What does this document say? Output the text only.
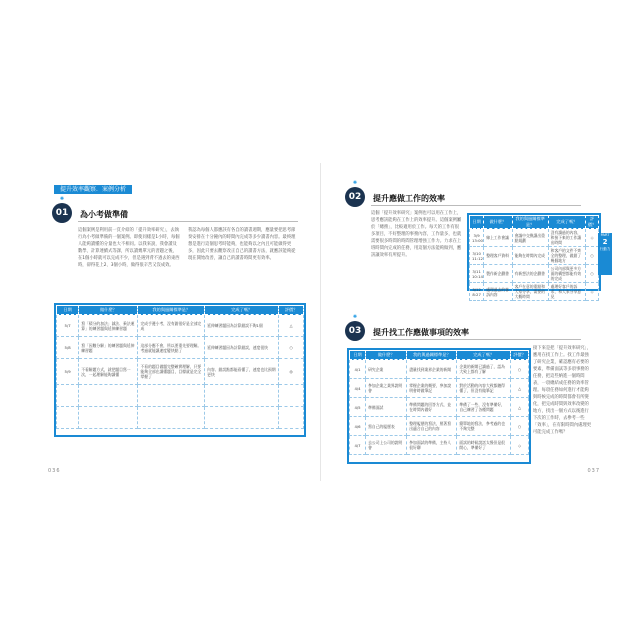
提升效率觀察．案例分析
✺
01	為小考做準備
這個案例是利用前一頁介紹的「提升效率研究」，去執行為小考做準備的一個案例。即使同樣是1小時，每個人能夠讀懂的分量也大不相同。以我來說，我會讀及數學、計算連續式等課，所以讀幾單元的習題之後，在1個小時就可以完成不少，但是遇到背不過去的東西時，卻得花上2、3個小時，做得很辛苦又沒成效。
我認為每個人都應該有各自的讀書週期，應量要把思考節奏安排在十分鐘內的時間內完成等多少讀書內容。最終理想是進行這個思考時能夠，也能夠以之內且可能做得更多，因此只要去觀察改正自己的讀書方法，就應該能夠從現在開始改善，讓自己的讀書時間更有效率。
日期	做什麼？	我的與過關標準是？	完成了嗎？	評價？
5/7	寫「積分的加法」減法、乘法運算」的練習題與延伸練習題	完成手邊小考，沒有錯很好是全部完成	延伸練習題因為計算錯誤不夠1個	△
5/8	寫「因數分解」的練習題與延伸練習題	這部分應不會，所以要重先要理解。考過就能讓速度變快點了	延伸練習題因為計算錯誤，速度很快	○
5/9	不看解題方式，就把題目寫一次，一起理解能夠讀懂	不看的題目做題完整確實理解，只要能夠全部在讀懂題目，目標就是完全掌握了	內容、錯誤點都能看懂了，速度也比預期更快	◎

036
✺
02	提升應做工作的效率
這個「提升效率研究」案例也可以用在工作上，思考應該能夠在工作上的效率提升。這個案例屬於「總務」，比較適用於工作。每天的工作有很多項目，不好整理的事務內容，工作量多，也就需要很多時間的時間管理增強工作力。力求在上班時間內完成的任務，用這個方法能夠做到，應該讓效率有所提升。
日期	做什麼？	我的與過關標準是？	完成了嗎？	評價？
3/9 13:00	線上工作會議	會議中交換讓出重點規劃	沒有讀過的內容，和接下來的工作讓出時間	◇
3/10 11:12	整理客戶資料	能夠在時間內完成	和客戶的文件不齊全的整理，做錯了幾個地方	○
3/11 10:14	製作新企劃書	有新想法的企劃書	公司內部與更多方面的構想都能有效的完成	○
3/12 8:27	處理過去的客訴內容	客戶在意的重點和大家分享，需要的大概時間	處理好客戶的訴求，和大家分享意見	◇
✺
03	提升找工作應做事項的效率
日期	做什麼？	我的與過關標準是？	完成了嗎？	評價？
4/1	研究企業	盡量找到業界企業的新聞	企業的新聞已讀過了，認為大致上都有了解	○
4/4	參加企業之業界說明會	掌握企業的概要，參加說明會時做筆記	對於活動的內容大致都聽得懂了，但沒有做筆記	△
4/5	準備面試	準備問題的回答方式，並在時間內做好	準備了一些，沒有準備好，自己練習了各種問題	△
4/6	寫自己的履歷表	整理履歷的寫法，照著寫出適合自己的內容	簡單地的寫法，參考過的也不夠完整	○
4/7	去公司上公司的說明會	參加面試的準備，主持人很好聊	面試的時候說話太慢但是很開心，準備好了	◇
接下來是把「提升效率研究」，應用在找工作上。找工作最強了研究企業，確認應有必要的要素，準備面試等多項事務的任務，把這些納進一個時間表，一項總結成任務的效率管理。每項任務如何進行才能夠與時候完成的時間都會有所變化，把完成時間與效率改變的地方，找出一個方式以後進行下次的工作時，去參考一些「效率」，在有限時間內處理更可能完成工作嗎？
PART
2
行動力
037
